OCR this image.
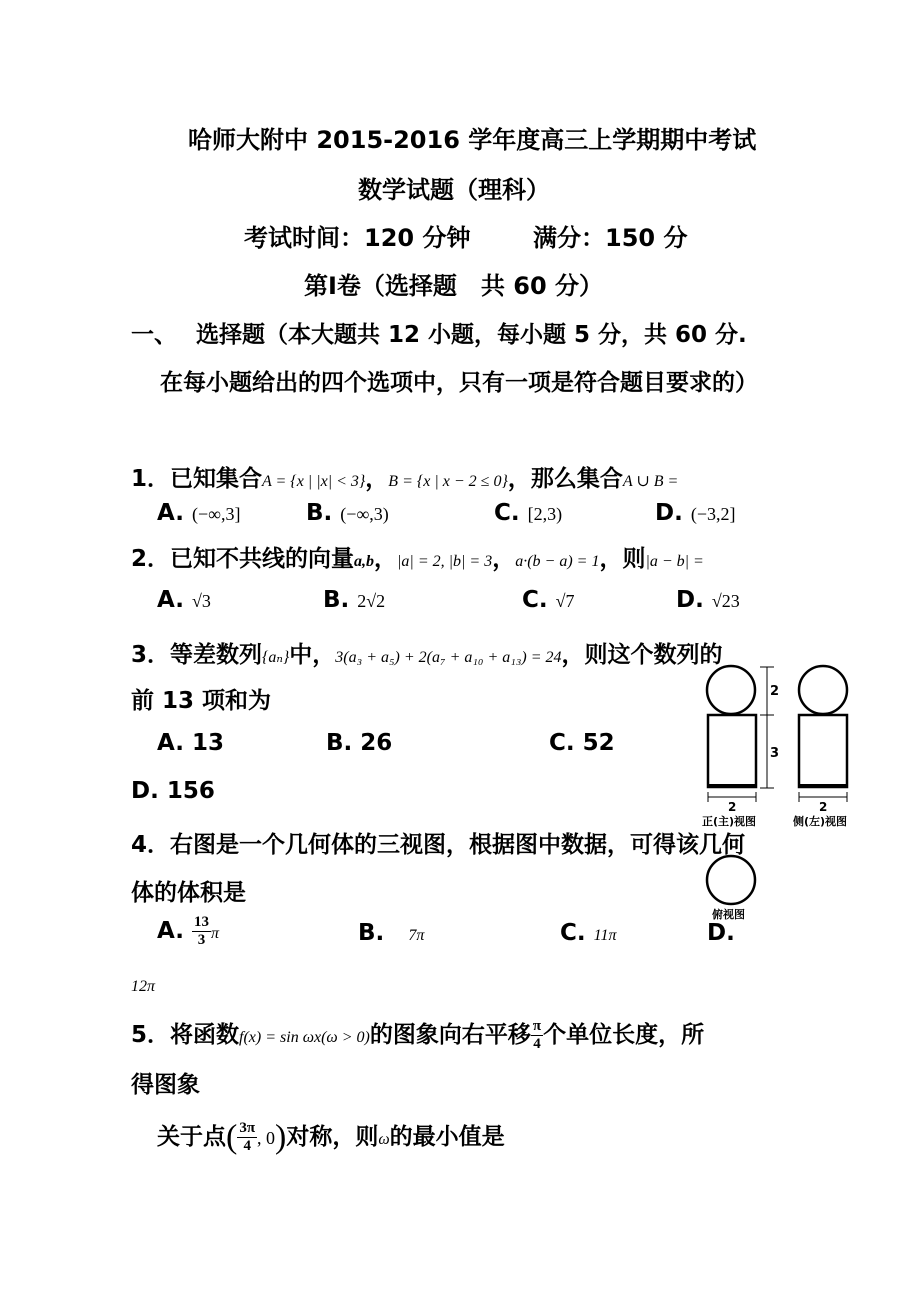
哈师大附中 2015-2016 学年度高三上学期期中考试
数学试题（理科）
考试时间：120 分钟	满分：150 分
第Ⅰ卷（选择题　共 60 分）
一、 选择题（本大题共 12 小题，每小题 5 分，共 60 分.
在每小题给出的四个选项中，只有一项是符合题目要求的）
1．已知集合A = {x | |x| < 3}，B = {x | x − 2 ≤ 0}，那么集合A ∪ B =
A. (−∞,3]	B. (−∞,3)	C. [2,3)	D. (−3,2]
2．已知不共线的向量a,b，|a| = 2, |b| = 3，a·(b − a) = 1，则|a − b| =
A. √3	B. 2√2	C. √7	D. √23
3．等差数列{aₙ}中，3(a₃ + a₅) + 2(a₇ + a₁₀ + a₁₃) = 24，则这个数列的
前 13 项和为
A. 13	B. 26	C. 52
D. 156
2
3
2
正(主)视图
2
侧(左)视图
俯视图
4．右图是一个几何体的三视图，根据图中数据，可得该几何
体的体积是
A. $\frac{13}{3}$ π	B. 7π	C. 11π	D.
12π
5．将函数f(x) = sin ωx(ω > 0)的图象向右平移 $\frac{\pi}{4}$ 个单位长度，所
得图象
关于点( $\frac{3\pi}{4}$ , 0)对称，则ω的最小值是
